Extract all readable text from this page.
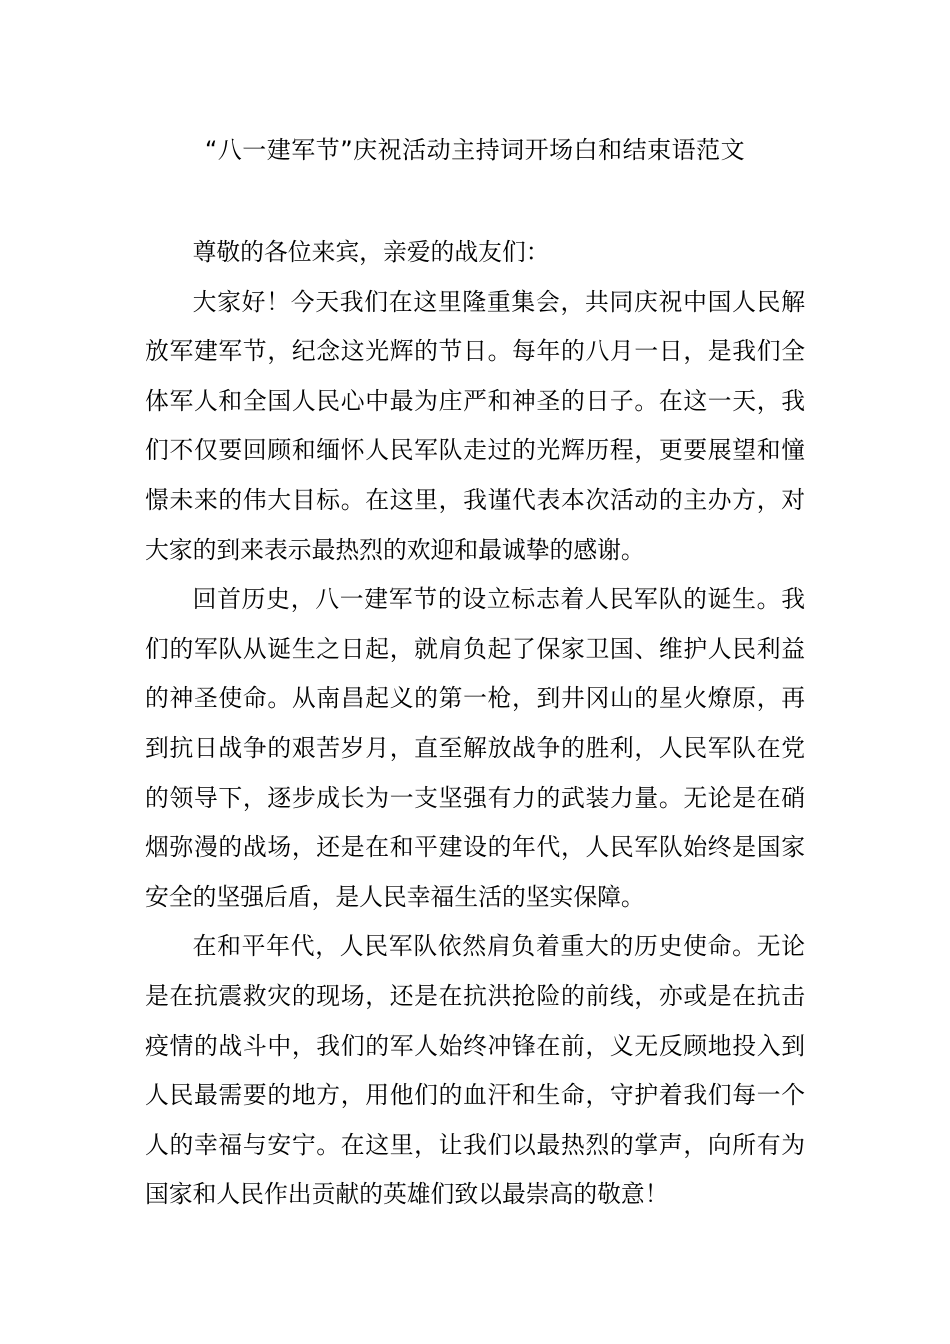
“八一建军节”庆祝活动主持词开场白和结束语范文

尊敬的各位来宾，亲爱的战友们：

大家好！今天我们在这里隆重集会，共同庆祝中国人民解放军建军节，纪念这光辉的节日。每年的八月一日，是我们全体军人和全国人民心中最为庄严和神圣的日子。在这一天，我们不仅要回顾和缅怀人民军队走过的光辉历程，更要展望和憧憬未来的伟大目标。在这里，我谨代表本次活动的主办方，对大家的到来表示最热烈的欢迎和最诚挚的感谢。

回首历史，八一建军节的设立标志着人民军队的诞生。我们的军队从诞生之日起，就肩负起了保家卫国、维护人民利益的神圣使命。从南昌起义的第一枪，到井冈山的星火燎原，再到抗日战争的艰苦岁月，直至解放战争的胜利，人民军队在党的领导下，逐步成长为一支坚强有力的武装力量。无论是在硝烟弥漫的战场，还是在和平建设的年代，人民军队始终是国家安全的坚强后盾，是人民幸福生活的坚实保障。

在和平年代，人民军队依然肩负着重大的历史使命。无论是在抗震救灾的现场，还是在抗洪抢险的前线，亦或是在抗击疫情的战斗中，我们的军人始终冲锋在前，义无反顾地投入到人民最需要的地方，用他们的血汗和生命，守护着我们每一个人的幸福与安宁。在这里，让我们以最热烈的掌声，向所有为国家和人民作出贡献的英雄们致以最崇高的敬意！
